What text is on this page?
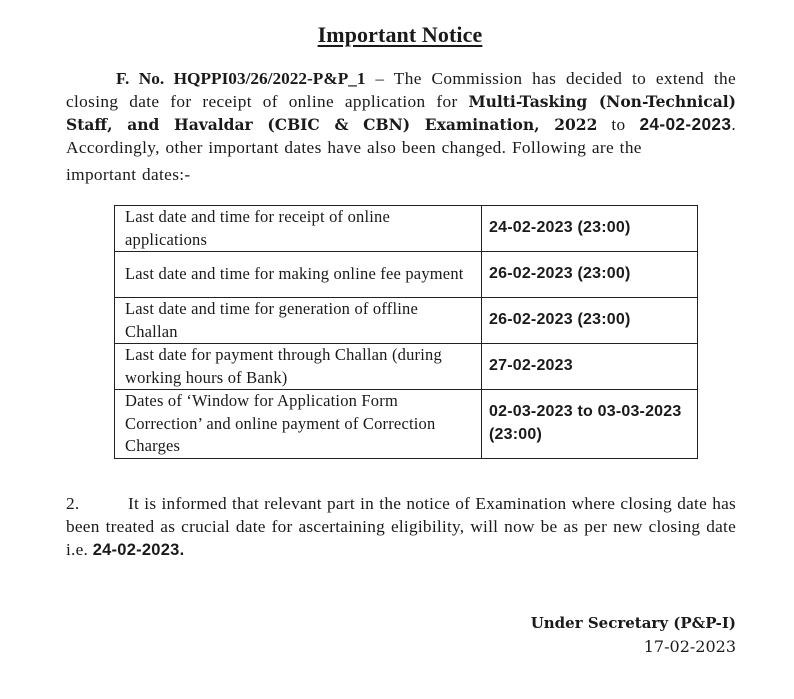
Important Notice
F. No. HQPPI03/26/2022-P&P_1 – The Commission has decided to extend the closing date for receipt of online application for Multi-Tasking (Non-Technical) Staff, and Havaldar (CBIC & CBN) Examination, 2022 to 24-02-2023. Accordingly, other important dates have also been changed. Following are the
important dates:-
Last date and time for receipt of online applications	24-02-2023 (23:00)
Last date and time for making online fee payment	26-02-2023 (23:00)
Last date and time for generation of offline Challan	26-02-2023 (23:00)
Last date for payment through Challan (during working hours of Bank)	27-02-2023
Dates of ‘Window for Application Form Correction’ and online payment of Correction Charges	02-03-2023 to 03-03-2023 (23:00)
2.	It is informed that relevant part in the notice of Examination where closing date has been treated as crucial date for ascertaining eligibility, will now be as per new closing date i.e. 24-02-2023.
Under Secretary (P&P-I)
17-02-2023
